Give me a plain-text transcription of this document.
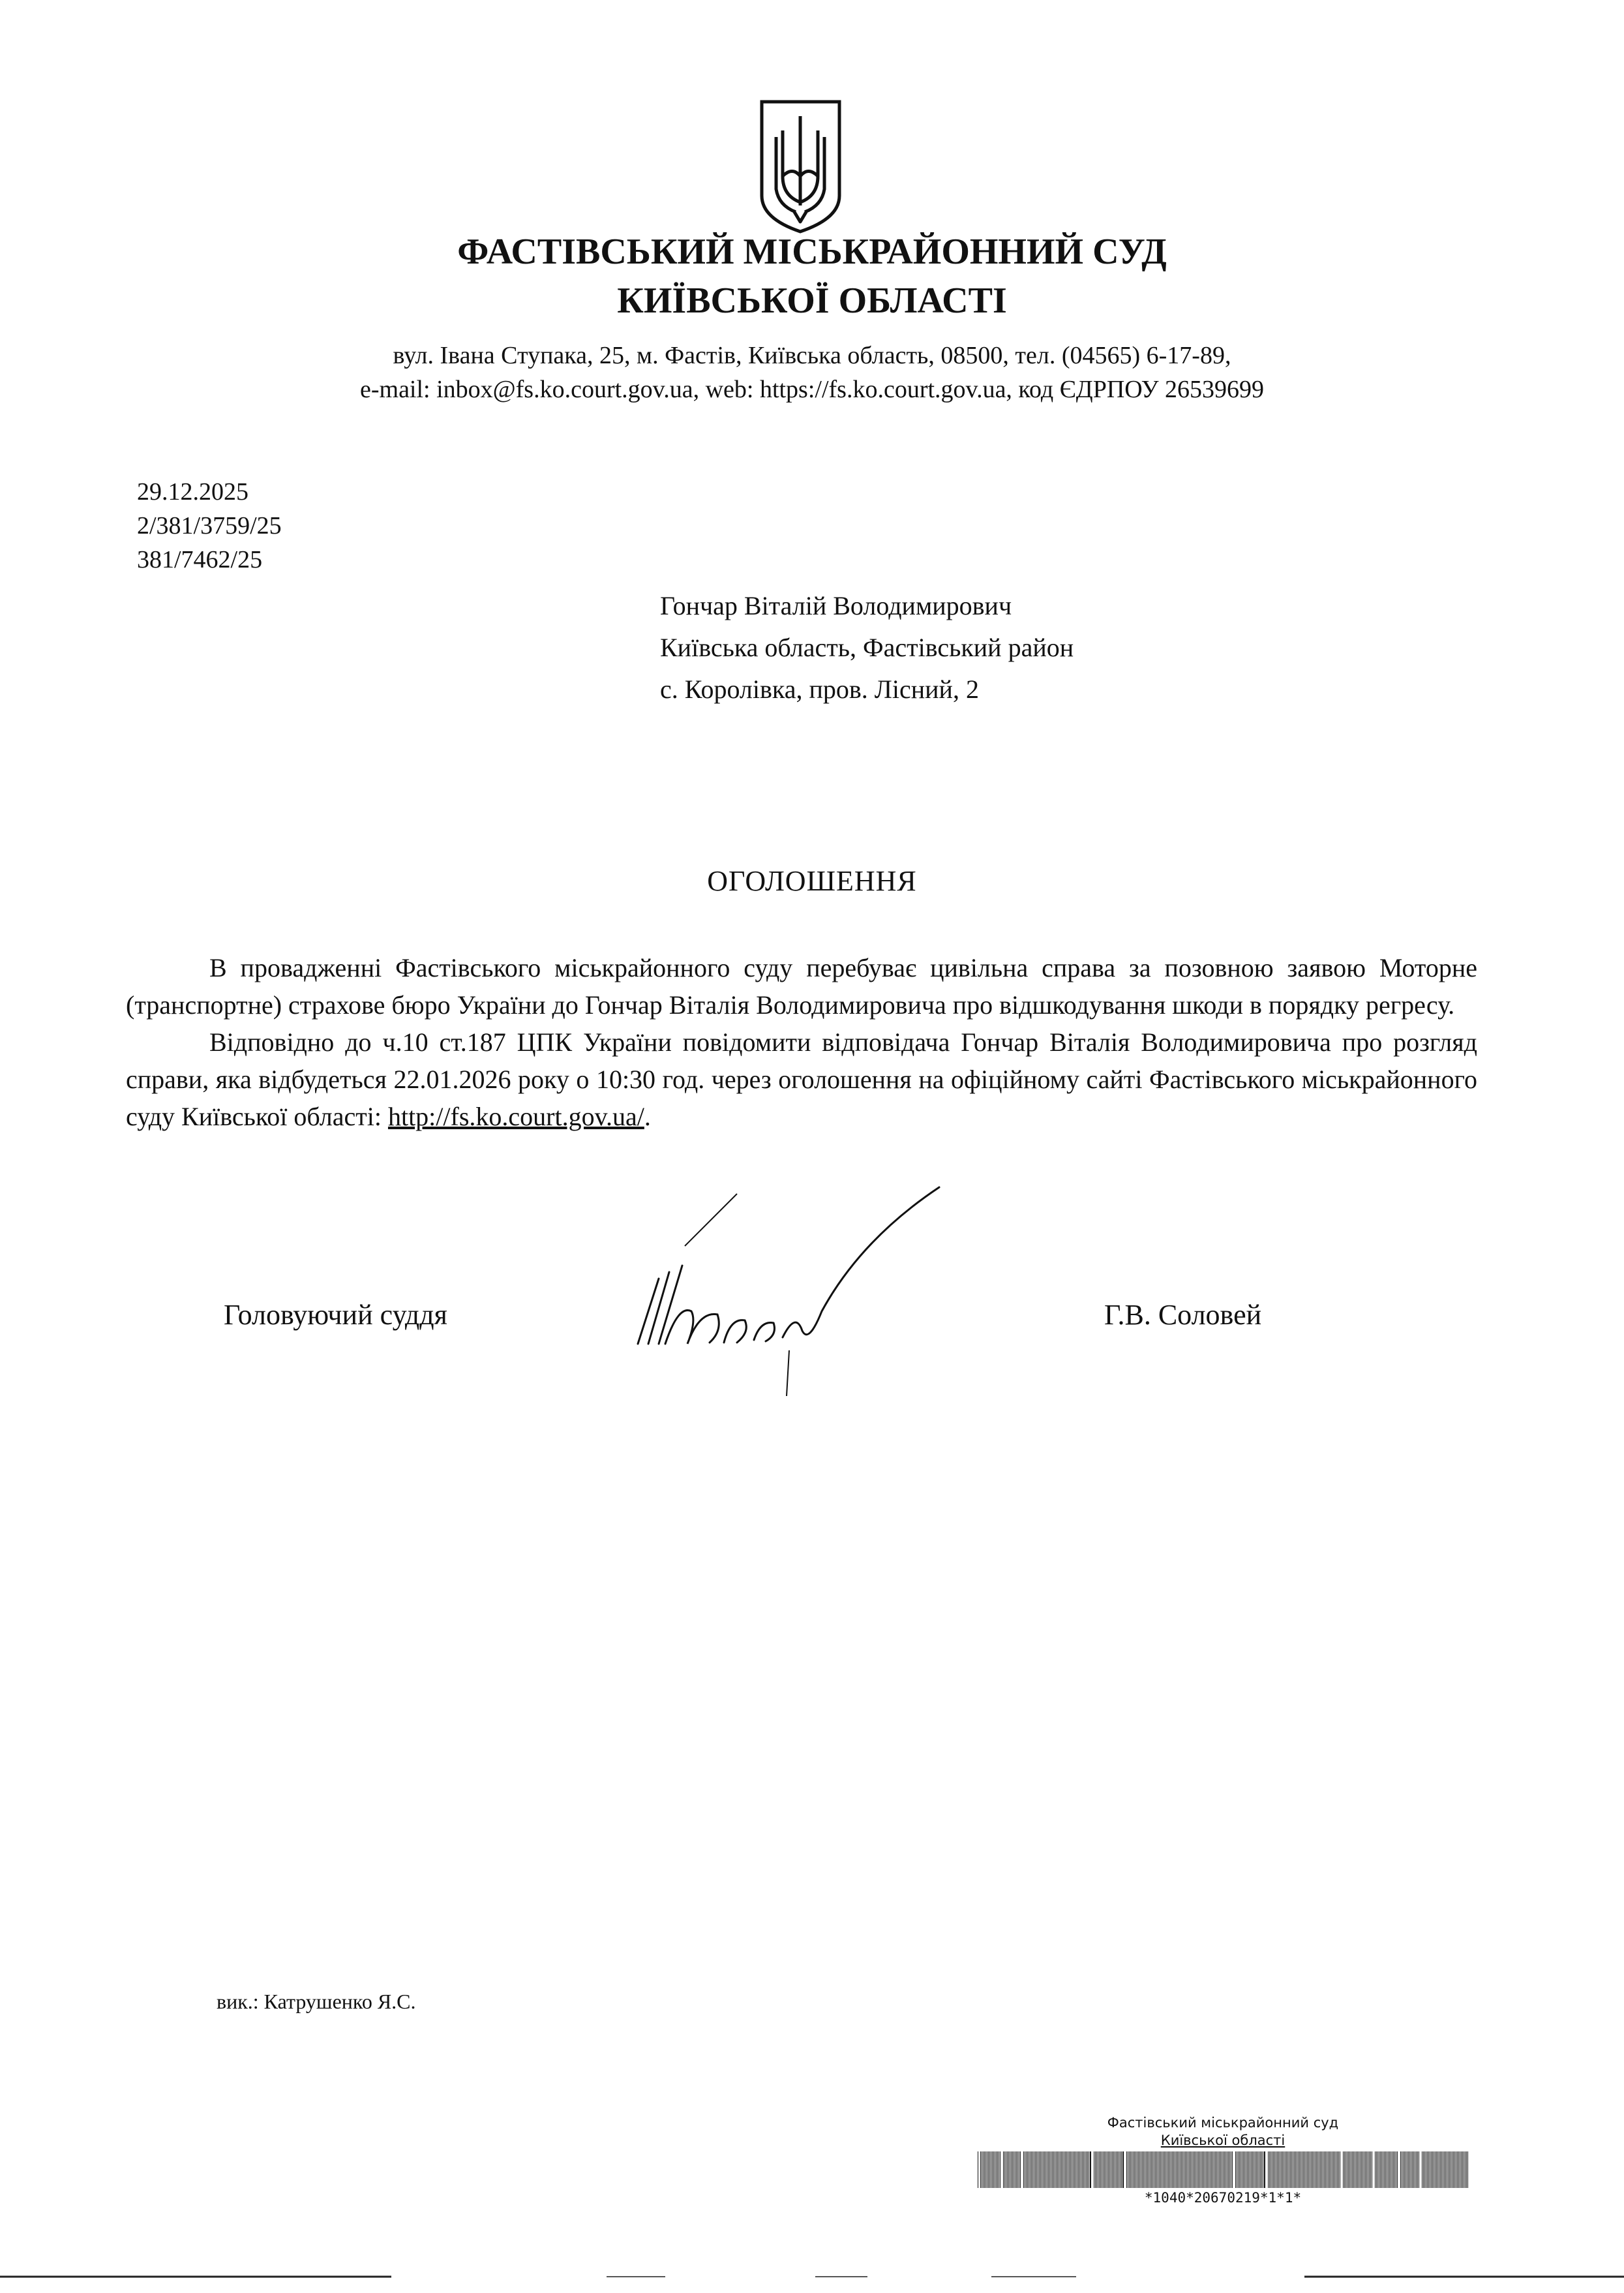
ФАСТІВСЬКИЙ МІСЬКРАЙОННИЙ СУД
КИЇВСЬКОЇ ОБЛАСТІ
вул. Івана Ступака, 25, м. Фастів, Київська область, 08500, тел. (04565) 6-17-89,
e-mail: inbox@fs.ko.court.gov.ua, web: https://fs.ko.court.gov.ua, код ЄДРПОУ 26539699
29.12.2025
2/381/3759/25
381/7462/25
Гончар Віталій Володимирович
Київська область, Фастівський район
с. Королівка, пров. Лісний, 2
ОГОЛОШЕННЯ

В провадженні Фастівського міськрайонного суду перебуває цивільна справа за позовною заявою Моторне (транспортне) страхове бюро України до Гончар Віталія Володимировича про відшкодування шкоди в порядку регресу.

Відповідно до ч.10 ст.187 ЦПК України повідомити відповідача Гончар Віталія Володимировича про розгляд справи, яка відбудеться 22.01.2026 року о 10:30 год. через оголошення на офіційному сайті Фастівського міськрайонного суду Київської області: http://fs.ko.court.gov.ua/.

Головуючий суддя	Г.В. Соловей
вик.: Катрушенко Я.С.
Фастівський міськрайонний суд
Київської області
*1040*20670219*1*1*
